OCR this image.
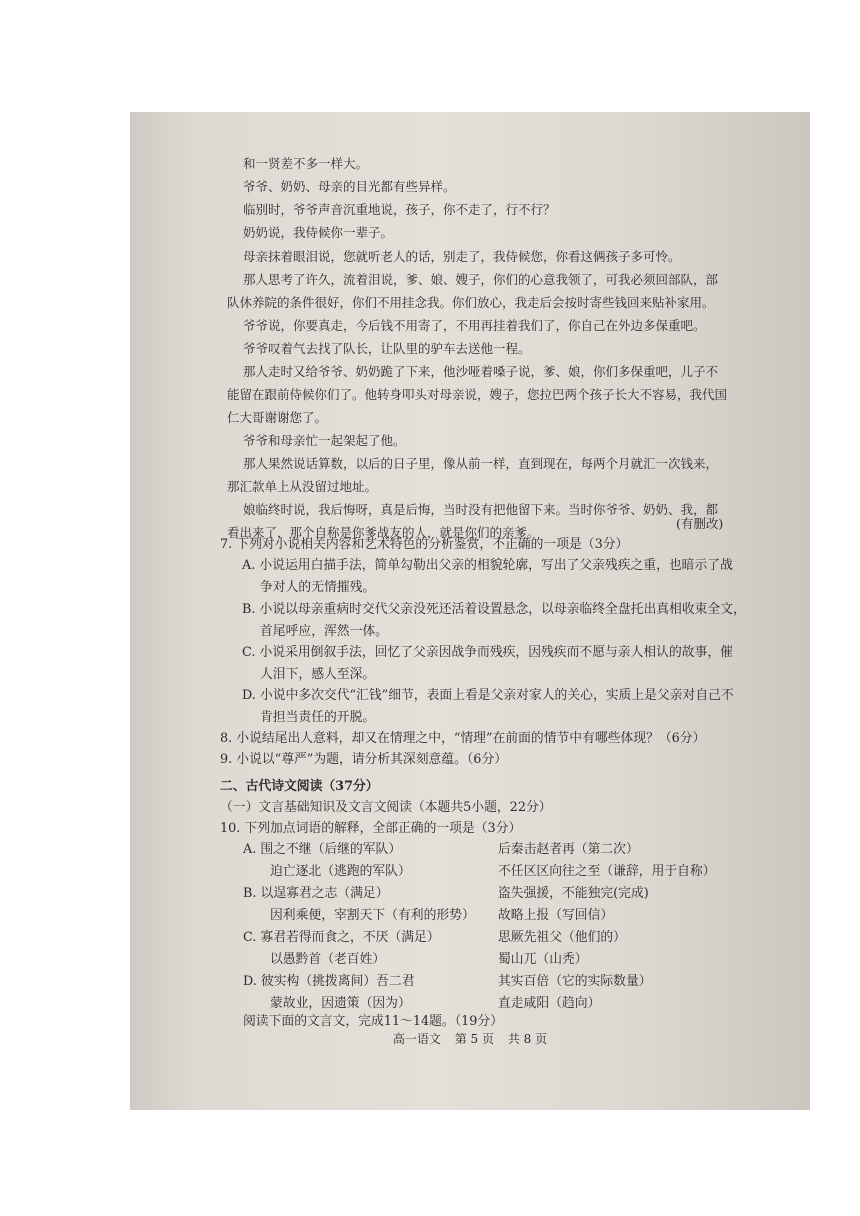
和一贤差不多一样大。
爷爷、奶奶、母亲的目光都有些异样。
临别时，爷爷声音沉重地说，孩子，你不走了，行不行？
奶奶说，我侍候你一辈子。
母亲抹着眼泪说，您就听老人的话，别走了，我侍候您，你看这俩孩子多可怜。
那人思考了许久，流着泪说，爹、娘、嫂子，你们的心意我领了，可我必须回部队，部
队休养院的条件很好，你们不用挂念我。你们放心，我走后会按时寄些钱回来贴补家用。
爷爷说，你要真走，今后钱不用寄了，不用再挂着我们了，你自己在外边多保重吧。
爷爷叹着气去找了队长，让队里的驴车去送他一程。
那人走时又给爷爷、奶奶跪了下来，他沙哑着嗓子说，爹、娘，你们多保重吧，儿子不
能留在跟前侍候你们了。他转身叩头对母亲说，嫂子，您拉巴两个孩子长大不容易，我代国
仁大哥谢谢您了。
爷爷和母亲忙一起架起了他。
那人果然说话算数，以后的日子里，像从前一样，直到现在，每两个月就汇一次钱来，
那汇款单上从没留过地址。
娘临终时说，我后悔呀，真是后悔，当时没有把他留下来。当时你爷爷、奶奶、我，都
看出来了，那个自称是你爹战友的人，就是你们的亲爹。
(有删改)
7. 下列对小说相关内容和艺术特色的分析鉴赏，不正确的一项是（3分）
A. 小说运用白描手法，简单勾勒出父亲的相貌轮廓，写出了父亲残疾之重，也暗示了战
争对人的无情摧残。
B. 小说以母亲重病时交代父亲没死还活着设置悬念，以母亲临终全盘托出真相收束全文，
首尾呼应，浑然一体。
C. 小说采用倒叙手法，回忆了父亲因战争而残疾，因残疾而不愿与亲人相认的故事，催
人泪下，感人至深。
D. 小说中多次交代“汇钱”细节，表面上看是父亲对家人的关心，实质上是父亲对自己不
肯担当责任的开脱。
8. 小说结尾出人意料，却又在情理之中，“情理”在前面的情节中有哪些体现？（6分）
9. 小说以“尊严”为题，请分析其深刻意蕴。（6分）
二、古代诗文阅读（37分）
（一）文言基础知识及文言文阅读（本题共5小题，22分）
10. 下列加点词语的解释，全部正确的一项是（3分）
A. 围之不继（后继的军队）
迫亡逐北（逃跑的军队）
后秦击赵者再（第二次）
不任区区向往之至（谦辞，用于自称）
B. 以逞寡君之志（满足）
因利乘便，宰割天下（有利的形势）
盗失强援，不能独完(完成)
故略上报（写回信）
C. 寡君若得而食之，不厌（满足）
以愚黔首（老百姓）
思厥先祖父（他们的）
蜀山兀（山秃）
D. 彼实构（挑拨离间）吾二君
蒙故业，因遗策（因为）
其实百倍（它的实际数量）
直走咸阳（趋向）
阅读下面的文言文，完成11～14题。（19分）
高一语文 第 5 页 共 8 页
